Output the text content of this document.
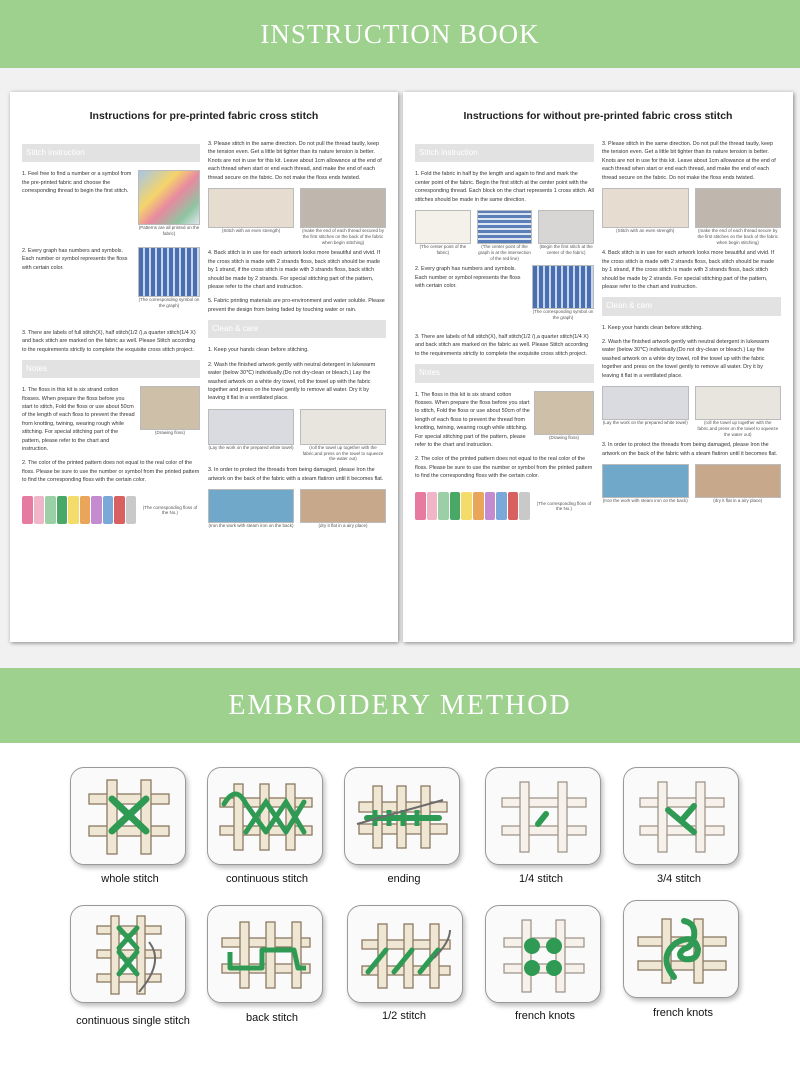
INSTRUCTION BOOK
Instructions for pre-printed fabric cross stitch
Stitch instruction

1. Feel free to find a number or a symbol from the pre-printed fabric and choose the corresponding thread to begin the first stitch.

(Patterns are all printed on the fabric)

2. Every graph has numbers and symbols. Each number or symbol represents the floss with certain color.

(The corresponding symbol on the graph)

3. There are labels of full stitch(X), half stitch(1/2 /),a quarter stitch(1/4 X) and back stitch are marked on the fabric as well. Please Stitch according to the requirements strictly to complete the exquisite cross stitch project.

Notes

1. The floss in this kit is six strand cotton flosses. When prepare the floss before you start to stitch, Fold the floss or use about 50cm of the length of each floss to prevent the thread from knotting, twining, wearing rough while stitching. For special stitching part of the pattern, please refer to the chart and instruction.

(Drawing floss)

2. The color of the printed pattern does not equal to the real color of the floss. Please be sure to use the number or symbol from the printed pattern to find the corresponding floss with the certain color.

(The corresponding floss of the No.)

3. Please stitch in the same direction. Do not pull the thread tautly, keep the tension even. Get a little bit tighter than its nature tension is better. Knots are not in use for this kit. Leave about 1cm allowance at the end of each thread when start or end each thread, and make the end of each thread secure on the fabric. Do not make the floss ends twisted.

(Stitch with an even strength)	(make the end of each thread secured by the first stitches on the back of the fabric when begin stitching)

4. Back stitch is in use for each artwork looks more beautiful and vivid. If the cross stitch is made with 2 strands floss, back stitch should be made by 1 strand, if the cross stitch is made with 3 strands floss, back stitch should be made by 2 strands. For special stitching part of the pattern, please refer to the chart and instruction.

5. Fabric printing materials are pro-environment and water soluble. Please prevent the design from being faded by touching water or rain.

Clean & care

1. Keep your hands clean before stitching.

2. Wash the finished artwork gently with neutral detergent in lukewarm water (below 30℃) individually.(Do not dry-clean or bleach.) Lay the washed artwork on a white dry towel, roll the towel up with the fabric together and press on the towel gently to remove all water. Dry it by leaving it flat in a ventilated place.

(Lay the work on the prepared white towel)	(roll the towel up together with the fabric,and press on the towel to squeeze the water out)

3. In order to protect the threads from being damaged, please Iron the artwork on the back of the fabric with a steam flatiron until it becomes flat.

(Iron the work with steam iron on the back)	(dry it flat in a airy place)
Instructions for without pre-printed fabric cross stitch
Stitch instruction

1. Fold the fabric in half by the length and again to find and mark the center point of the fabric. Begin the first stitch at the center point with the corresponding thread. Each block on the chart represents 1 cross stitch. All stitches should be made in the same direction.

(The center point of the fabric)
(The center point of the graph is at the intersection of the red line)
(Begin the first stitch at the center of the fabric)

2. Every graph has numbers and symbols. Each number or symbol represents the floss with certain color.

(The corresponding symbol on the graph)

3. There are labels of full stitch(X), half stitch(1/2 /),a quarter stitch(1/4 X) and back stitch are marked on the fabric as well. Please Stitch according to the requirements strictly to complete the exquisite cross stitch project.

Notes

1. The floss in this kit is six strand cotton flosses. When prepare the floss before you start to stitch, Fold the floss or use about 50cm of the length of each floss to prevent the thread from knotting, twining, wearing rough while stitching. For special stitching part of the pattern, please refer to the chart and instruction.

(Drawing floss)

2. The color of the printed pattern does not equal to the real color of the floss. Please be sure to use the number or symbol from the printed pattern to find the corresponding floss with the certain color.

(The corresponding floss of the No.)

3. Please stitch in the same direction. Do not pull the thread tautly, keep the tension even. Get a little bit tighter than its nature tension is better. Knots are not in use for this kit. Leave about 1cm allowance at the end of each thread when start or end each thread, and make the end of each thread secure on the fabric. Do not make the floss ends twisted.

(Stitch with an even strength)	(make the end of each thread secure by the first stitches on the back of the fabric when begin stitching)

4. Back stitch is in use for each artwork looks more beautiful and vivid. If the cross stitch is made with 2 strands floss, back stitch should be made by 1 strand, if the cross stitch is made with 3 strands floss, back stitch should be made by 2 strands. For special stitching part of the pattern, please refer to the chart and instruction.

Clean & care

1. Keep your hands clean before stitching.

2. Wash the finished artwork gently with neutral detergent in lukewarm water (below 30℃) individually.(Do not dry-clean or bleach.) Lay the washed artwork on a white dry towel, roll the towel up with the fabric together and press on the towel gently to remove all water. Dry it by leaving it flat in a ventilated place.

(Lay the work on the prepared white towel)	(roll the towel up together with the fabric,and press on the towel to squeeze the water out)

3. In order to protect the threads from being damaged, please Iron the artwork on the back of the fabric with a steam flatiron until it becomes flat.

(Iron the work with steam iron on the back)	(dry it flat in a airy place)
EMBROIDERY METHOD
whole stitch	continuous stitch	ending	1/4 stitch	3/4 stitch
continuous single stitch	back stitch	1/2 stitch	french knots	french knots
